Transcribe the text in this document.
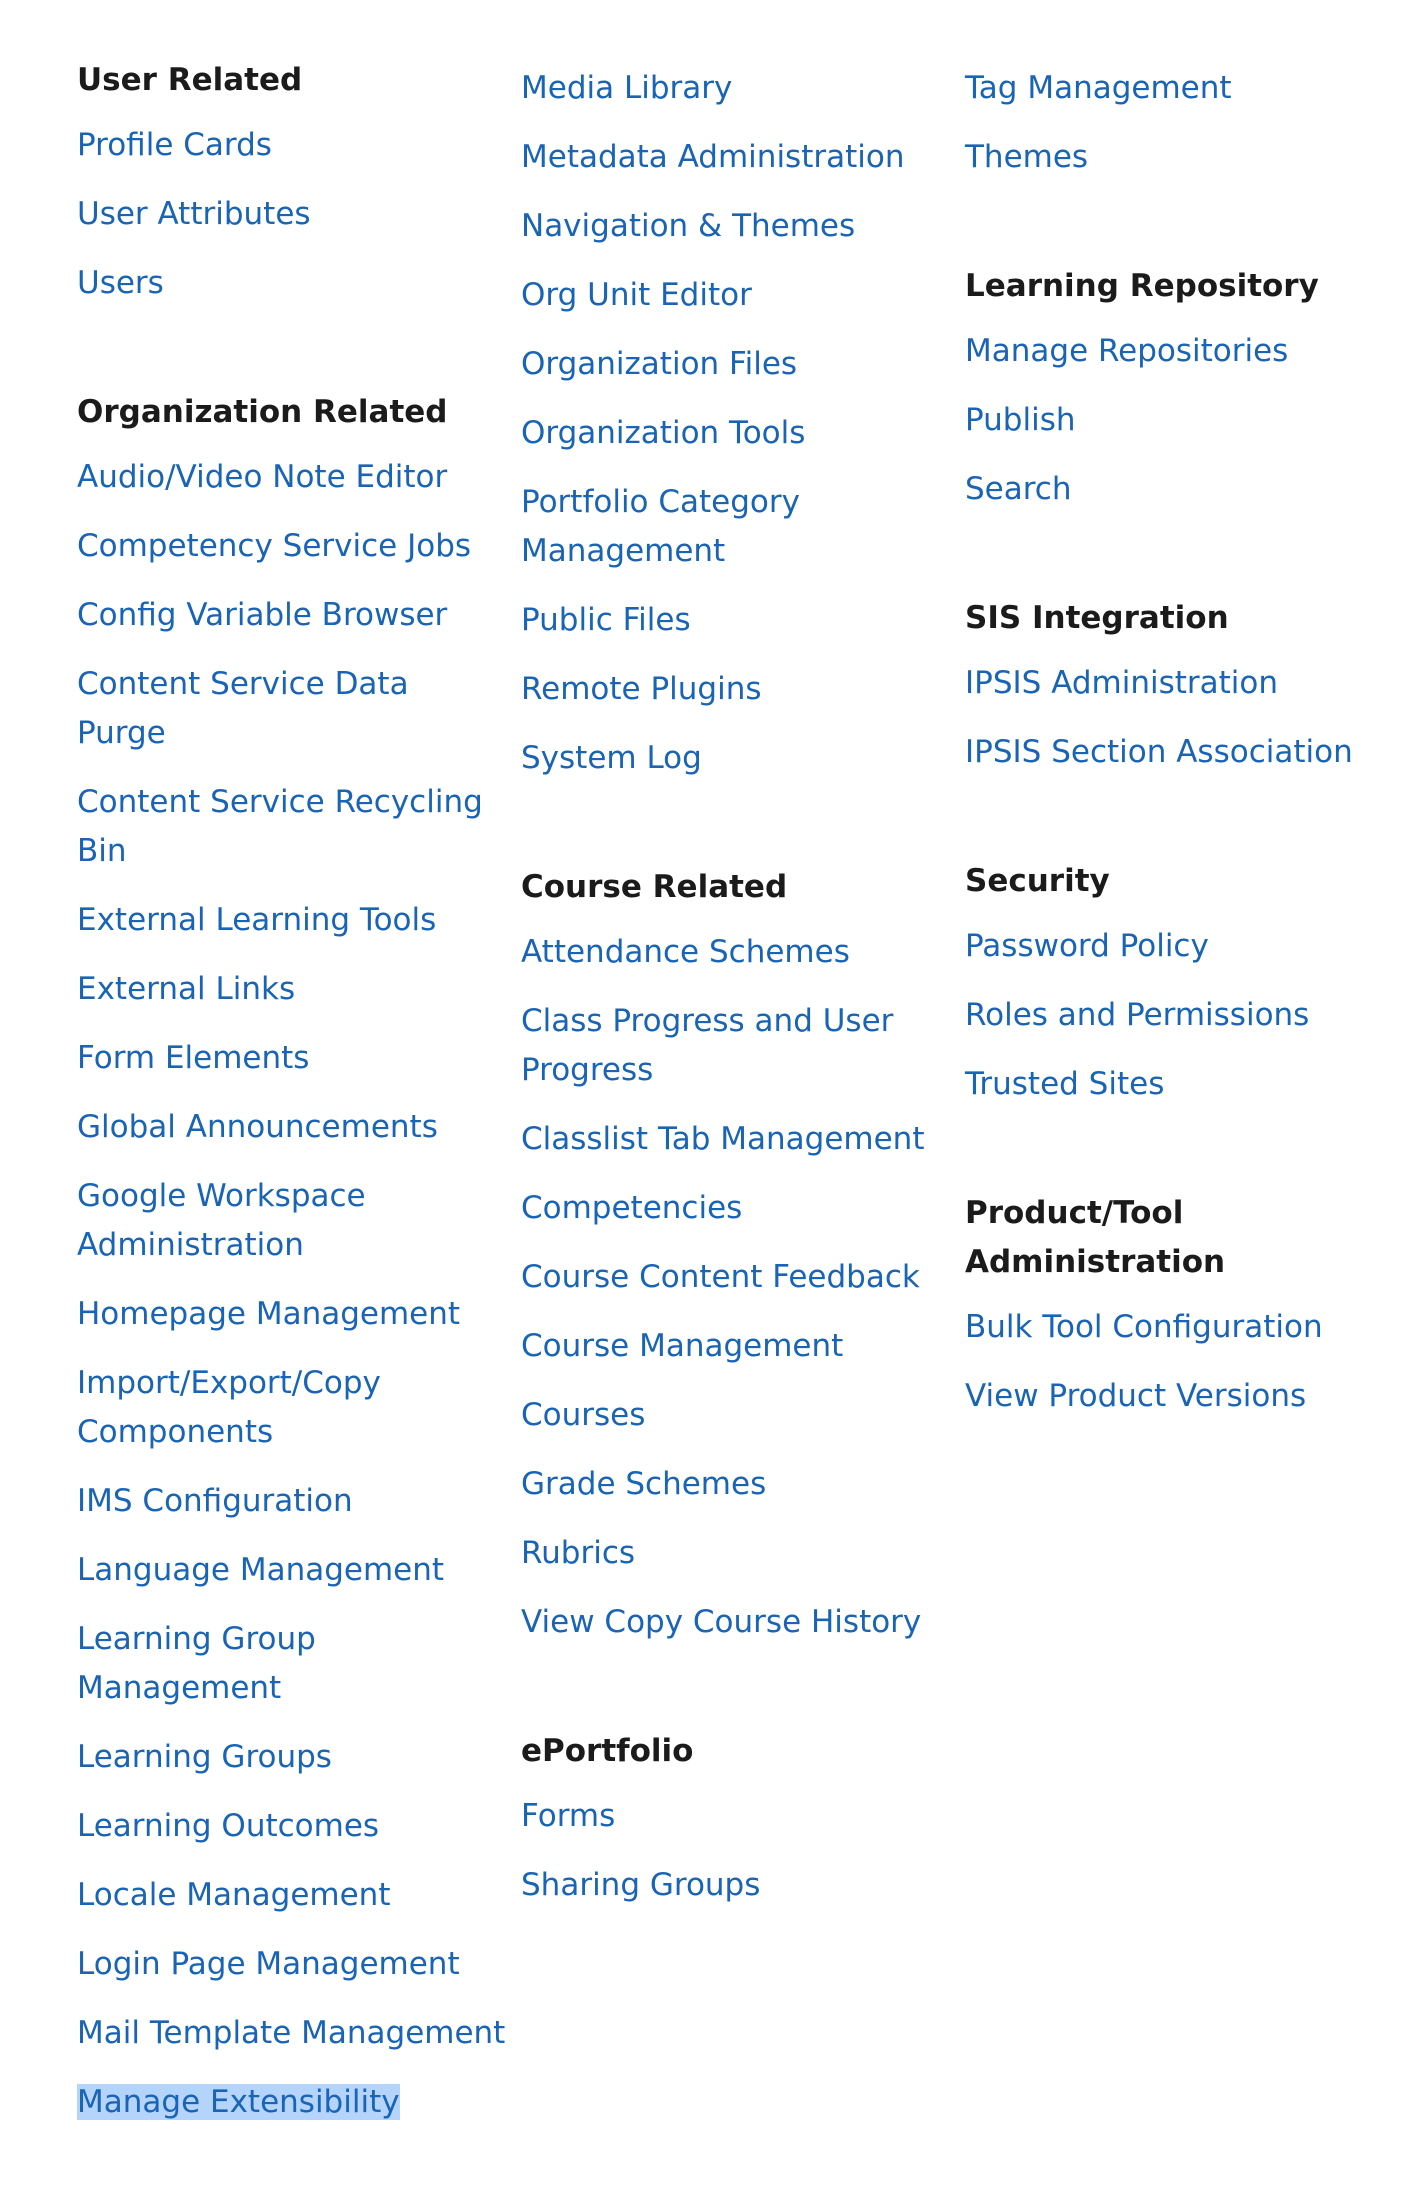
User Related
Profile Cards
User Attributes
Users
Organization Related
Audio/Video Note Editor
Competency Service Jobs
Config Variable Browser
Content Service Data Purge
Content Service Recycling Bin
External Learning Tools
External Links
Form Elements
Global Announcements
Google Workspace Administration
Homepage Management
Import/Export/Copy Components
IMS Configuration
Language Management
Learning Group Management
Learning Groups
Learning Outcomes
Locale Management
Login Page Management
Mail Template Management
Manage Extensibility
Media Library
Metadata Administration
Navigation & Themes
Org Unit Editor
Organization Files
Organization Tools
Portfolio Category Management
Public Files
Remote Plugins
System Log
Course Related
Attendance Schemes
Class Progress and User Progress
Classlist Tab Management
Competencies
Course Content Feedback
Course Management
Courses
Grade Schemes
Rubrics
View Copy Course History
ePortfolio
Forms
Sharing Groups
Tag Management
Themes
Learning Repository
Manage Repositories
Publish
Search
SIS Integration
IPSIS Administration
IPSIS Section Association
Security
Password Policy
Roles and Permissions
Trusted Sites
Product/Tool Administration
Bulk Tool Configuration
View Product Versions
